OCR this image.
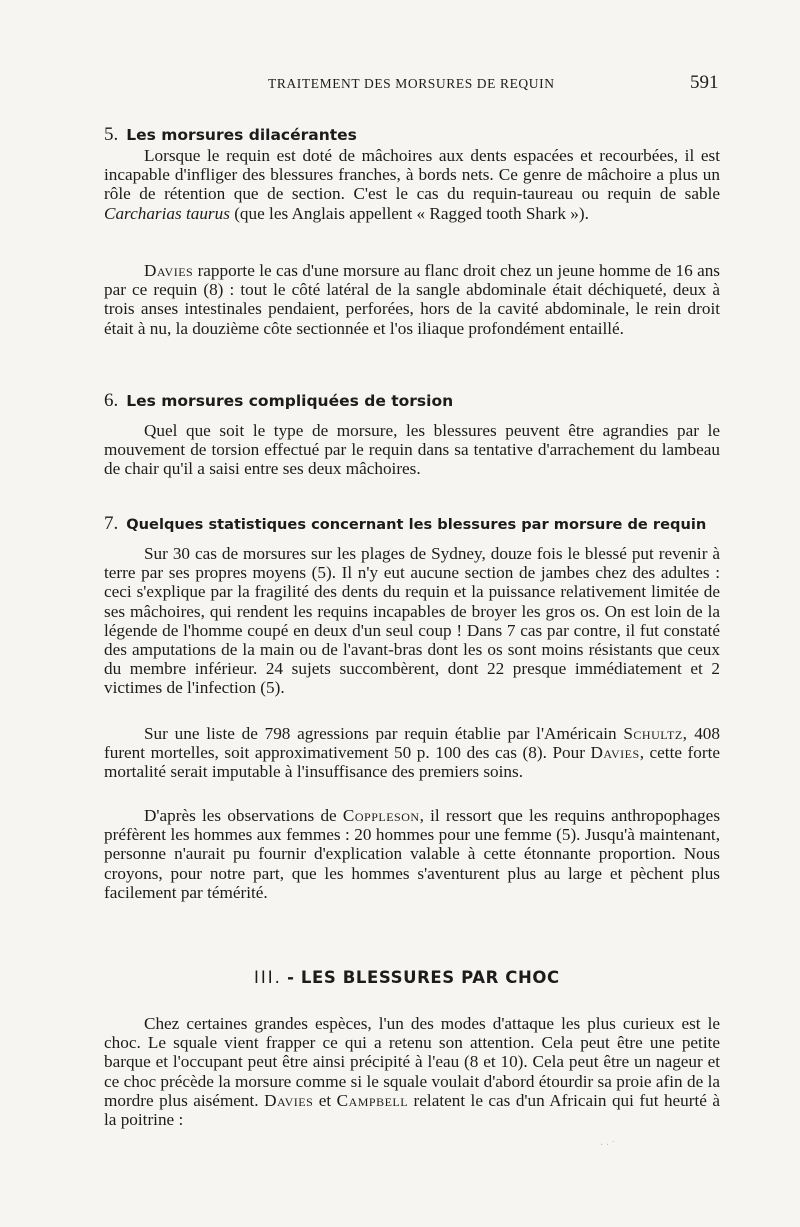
TRAITEMENT DES MORSURES DE REQUIN	591
5. Les morsures dilacérantes

Lorsque le requin est doté de mâchoires aux dents espacées et recourbées, il est incapable d'infliger des blessures franches, à bords nets. Ce genre de mâchoire a plus un rôle de rétention que de section. C'est le cas du requin-taureau ou requin de sable Carcharias taurus (que les Anglais appellent « Ragged tooth Shark »).

Davies rapporte le cas d'une morsure au flanc droit chez un jeune homme de 16 ans par ce requin (8) : tout le côté latéral de la sangle abdominale était déchiqueté, deux à trois anses intestinales pendaient, perforées, hors de la cavité abdominale, le rein droit était à nu, la douzième côte sectionnée et l'os iliaque profondément entaillé.

6. Les morsures compliquées de torsion

Quel que soit le type de morsure, les blessures peuvent être agrandies par le mouvement de torsion effectué par le requin dans sa tentative d'arrachement du lambeau de chair qu'il a saisi entre ses deux mâchoires.

7. Quelques statistiques concernant les blessures par morsure de requin

Sur 30 cas de morsures sur les plages de Sydney, douze fois le blessé put revenir à terre par ses propres moyens (5). Il n'y eut aucune section de jambes chez des adultes : ceci s'explique par la fragilité des dents du requin et la puissance relativement limitée de ses mâchoires, qui rendent les requins incapables de broyer les gros os. On est loin de la légende de l'homme coupé en deux d'un seul coup ! Dans 7 cas par contre, il fut constaté des amputations de la main ou de l'avant-bras dont les os sont moins résistants que ceux du membre inférieur. 24 sujets succombèrent, dont 22 presque immédiatement et 2 victimes de l'infection (5).

Sur une liste de 798 agressions par requin établie par l'Américain Schultz, 408 furent mortelles, soit approximativement 50 p. 100 des cas (8). Pour Davies, cette forte mortalité serait imputable à l'insuffisance des premiers soins.

D'après les observations de Coppleson, il ressort que les requins anthropophages préfèrent les hommes aux femmes : 20 hommes pour une femme (5). Jusqu'à maintenant, personne n'aurait pu fournir d'explication valable à cette étonnante proportion. Nous croyons, pour notre part, que les hommes s'aventurent plus au large et pèchent plus facilement par témérité.

III. - LES BLESSURES PAR CHOC

Chez certaines grandes espèces, l'un des modes d'attaque les plus curieux est le choc. Le squale vient frapper ce qui a retenu son attention. Cela peut être une petite barque et l'occupant peut être ainsi précipité à l'eau (8 et 10). Cela peut être un nageur et ce choc précède la morsure comme si le squale voulait d'abord étourdir sa proie afin de la mordre plus aisément. Davies et Campbell relatent le cas d'un Africain qui fut heurté à la poitrine :

· · ˙
